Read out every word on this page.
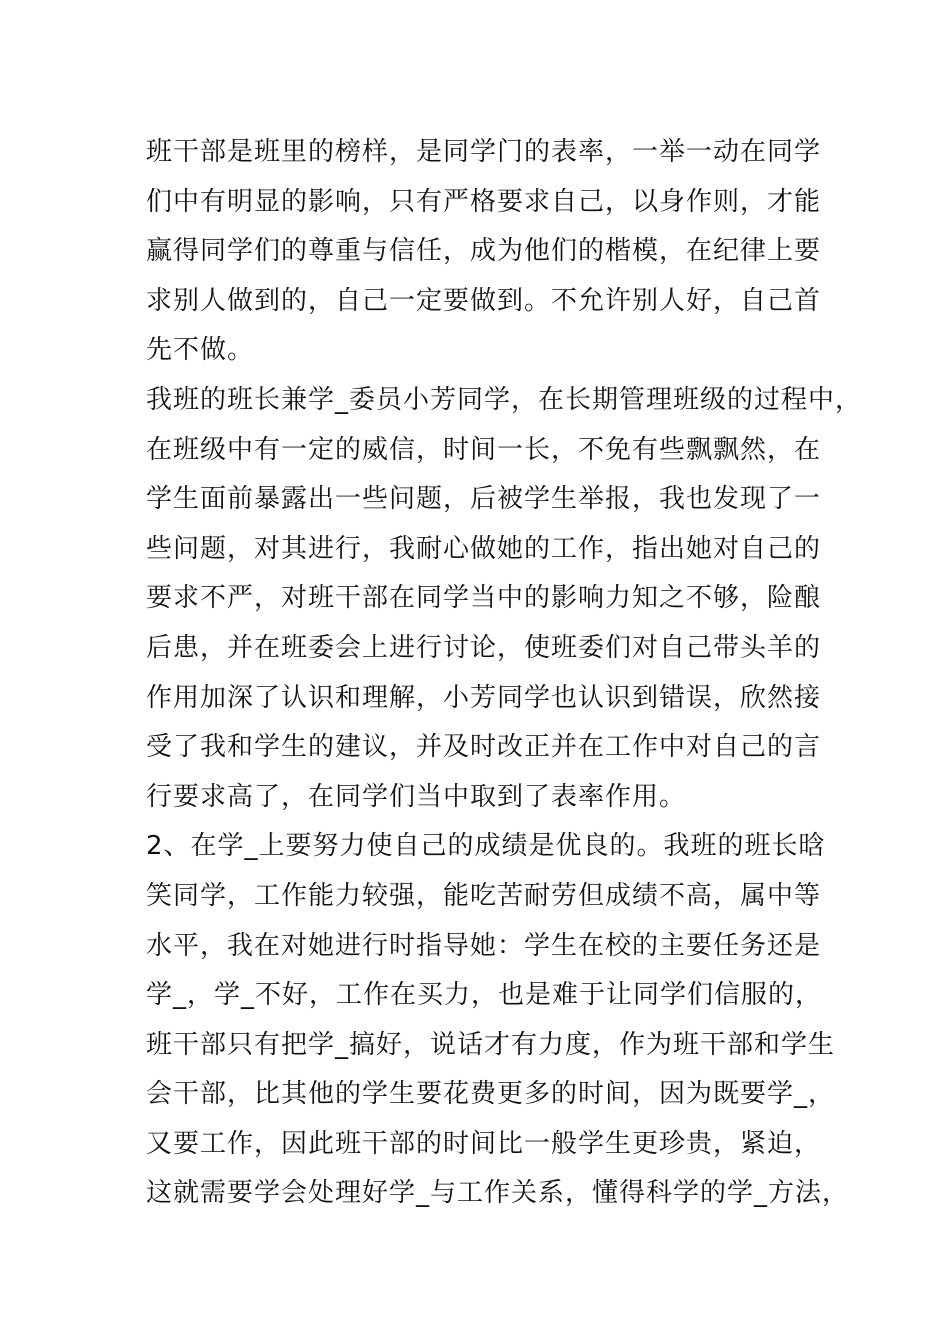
班干部是班里的榜样，是同学门的表率，一举一动在同学
们中有明显的影响，只有严格要求自己，以身作则，才能
赢得同学们的尊重与信任，成为他们的楷模，在纪律上要
求别人做到的，自己一定要做到。不允许别人好，自己首
先不做。
我班的班长兼学_委员小芳同学，在长期管理班级的过程中，
在班级中有一定的威信，时间一长，不免有些飘飘然，在
学生面前暴露出一些问题，后被学生举报，我也发现了一
些问题，对其进行，我耐心做她的工作，指出她对自己的
要求不严，对班干部在同学当中的影响力知之不够，险酿
后患，并在班委会上进行讨论，使班委们对自己带头羊的
作用加深了认识和理解，小芳同学也认识到错误，欣然接
受了我和学生的建议，并及时改正并在工作中对自己的言
行要求高了，在同学们当中取到了表率作用。
2、在学_上要努力使自己的成绩是优良的。我班的班长晗
笑同学，工作能力较强，能吃苦耐劳但成绩不高，属中等
水平，我在对她进行时指导她：学生在校的主要任务还是
学_，学_不好，工作在买力，也是难于让同学们信服的，
班干部只有把学_搞好，说话才有力度，作为班干部和学生
会干部，比其他的学生要花费更多的时间，因为既要学_，
又要工作，因此班干部的时间比一般学生更珍贵，紧迫，
这就需要学会处理好学_与工作关系，懂得科学的学_方法，
